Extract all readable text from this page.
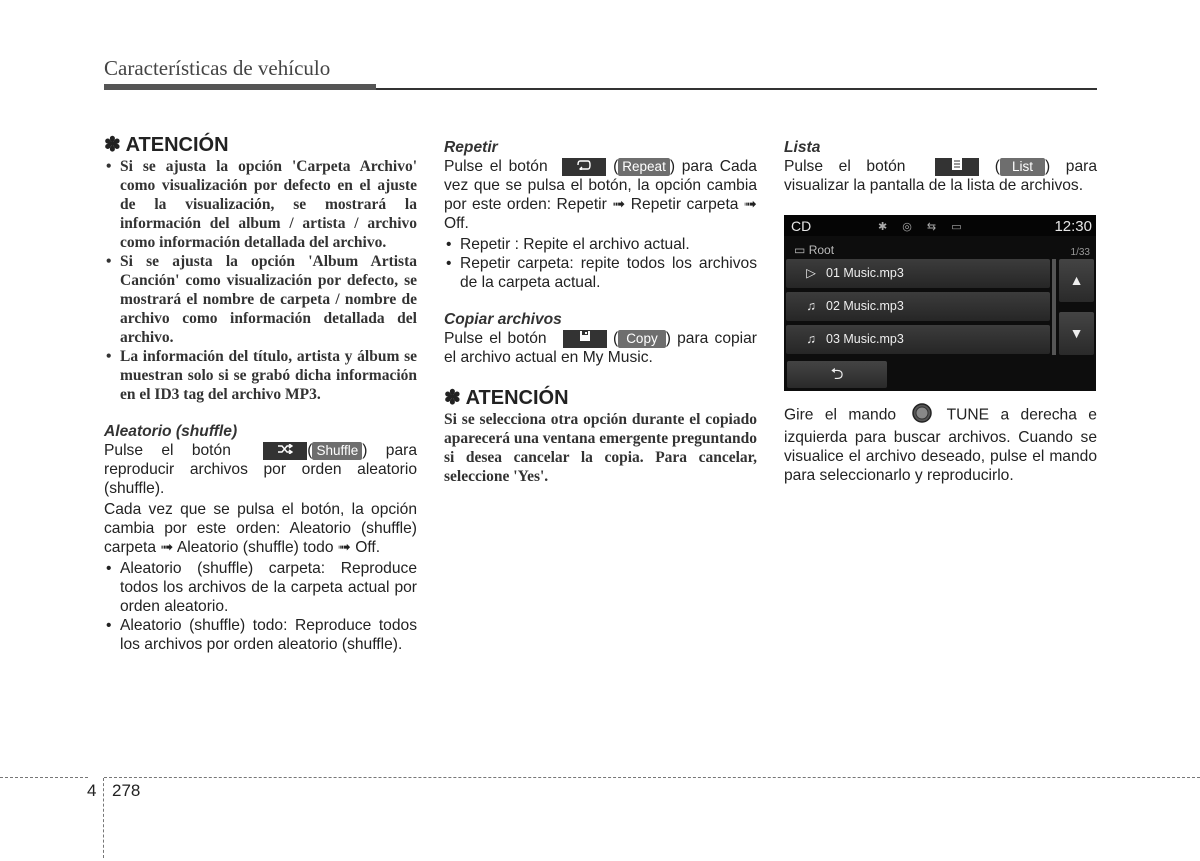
Características de vehículo
✽ ATENCIÓN
• Si se ajusta la opción 'Carpeta Archivo' como visualización por defecto en el ajuste de la visualización, se mostrará la información del album / artista / archivo como información detallada del archivo.
• Si se ajusta la opción 'Album Artista Canción' como visualización por defecto, se mostrará el nombre de carpeta / nombre de archivo como información detallada del archivo.
• La información del título, artista y álbum se muestran solo si se grabó dicha información en el ID3 tag del archivo MP3.
Aleatorio (shuffle)

Pulse el botón	( Shuffle ) para reproducir archivos por orden aleatorio (shuffle).

Cada vez que se pulsa el botón, la opción cambia por este orden: Aleatorio (shuffle) carpeta ➟ Aleatorio (shuffle) todo ➟ Off.

• Aleatorio (shuffle) carpeta: Reproduce todos los archivos de la carpeta actual por orden aleatorio.
• Aleatorio (shuffle) todo: Reproduce todos los archivos por orden aleatorio (shuffle).
Repetir

Pulse el botón	( Repeat ) para Cada vez que se pulsa el botón, la opción cambia por este orden: Repetir ➟ Repetir carpeta ➟ Off.

• Repetir : Repite el archivo actual.
• Repetir carpeta: repite todos los archivos de la carpeta actual.
Copiar archivos

Pulse el botón	( Copy ) para copiar el archivo actual en My Music.

✽ ATENCIÓN

Si se selecciona otra opción durante el copiado aparecerá una ventana emergente preguntando si desea cancelar la copia. Para cancelar, seleccione 'Yes'.

Lista

Pulse el botón	( List ) para visualizar la pantalla de la lista de archivos.

CD	✱ ◎ ⇆ ▭	12:30
▭ Root	1/33
▷ 01 Music.mp3
♫ 02 Music.mp3
♫ 03 Music.mp3
▲
▼
⮌

Gire el mando	TUNE a derecha e izquierda para buscar archivos. Cuando se visualice el archivo deseado, pulse el mando para seleccionarlo y reproducirlo.

4 278
